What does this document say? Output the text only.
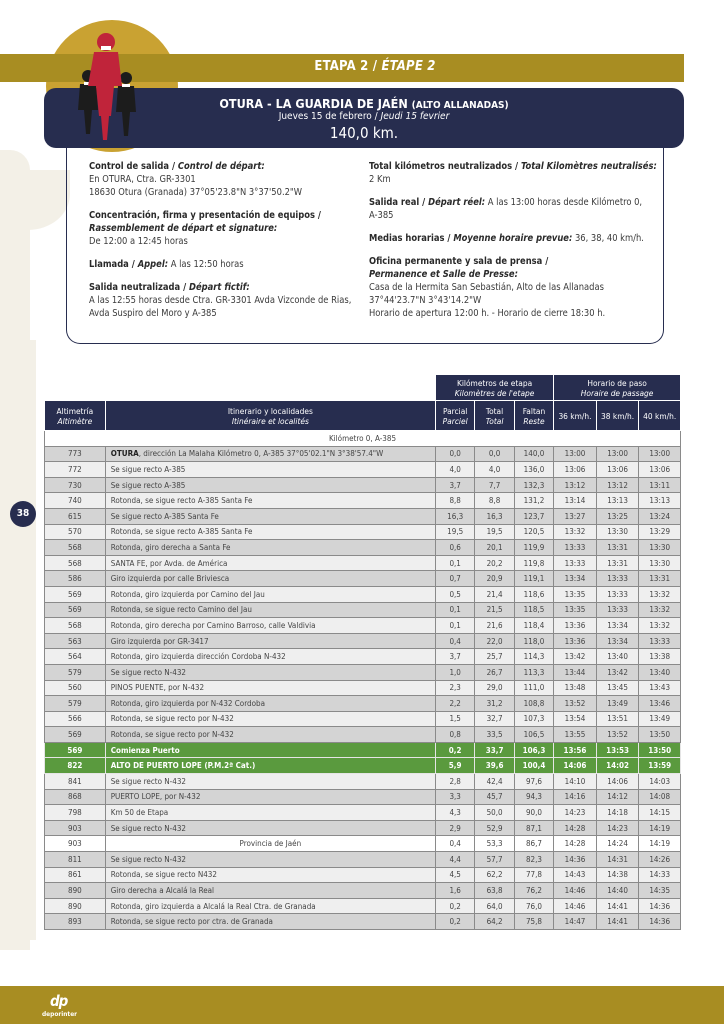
ETAPA 2 / ÉTAPE 2
OTURA - LA GUARDIA DE JAÉN (ALTO ALLANADAS)
Jueves 15 de febrero / Jeudi 15 fevrier
140,0 km.
Control de salida / Control de départ:
En OTURA, Ctra. GR-3301
18630 Otura (Granada) 37°05'23.8"N 3°37'50.2"W
Concentración, firma y presentación de equipos /
Rassemblement de départ et signature:
De 12:00 a 12:45 horas
Llamada / Appel: A las 12:50 horas
Salida neutralizada / Départ fictif:
A las 12:55 horas desde Ctra. GR-3301 Avda Vizconde de Rias,
Avda Suspiro del Moro y A-385
Total kilómetros neutralizados / Total Kilomètres neutralisés:
2 Km
Salida real / Départ réel: A las 13:00 horas desde Kilómetro 0,
A-385
Medias horarias / Moyenne horaire prevue: 36, 38, 40 km/h.
Oficina permanente y sala de prensa /
Permanence et Salle de Presse:
Casa de la Hermita San Sebastián, Alto de las Allanadas
37°44'23.7"N 3°43'14.2"W
Horario de apertura 12:00 h. - Horario de cierre 18:30 h.
		Kilómetros de etapa
Kilomètres de l'etape			Horario de paso
Horaire de passage		
Altimetría
Altimètre	Itinerario y localidades
Itinéraire et localités	Parcial
Parciel	Total
Total	Faltan
Reste	36 km/h.	38 km/h.	40 km/h.
Kilómetro 0, A-385							
773	OTURA, dirección La Malaha Kilómetro 0, A-385 37°05'02.1"N 3°38'57.4"W	0,0	0,0	140,0	13:00	13:00	13:00
772	Se sigue recto A-385	4,0	4,0	136,0	13:06	13:06	13:06
730	Se sigue recto A-385	3,7	7,7	132,3	13:12	13:12	13:11
740	Rotonda, se sigue recto A-385 Santa Fe	8,8	8,8	131,2	13:14	13:13	13:13
615	Se sigue recto A-385 Santa Fe	16,3	16,3	123,7	13:27	13:25	13:24
570	Rotonda, se sigue recto A-385 Santa Fe	19,5	19,5	120,5	13:32	13:30	13:29
568	Rotonda, giro derecha a Santa Fe	0,6	20,1	119,9	13:33	13:31	13:30
568	SANTA FE, por Avda. de América	0,1	20,2	119,8	13:33	13:31	13:30
586	Giro izquierda por calle Briviesca	0,7	20,9	119,1	13:34	13:33	13:31
569	Rotonda, giro izquierda por Camino del Jau	0,5	21,4	118,6	13:35	13:33	13:32
569	Rotonda, se sigue recto Camino del Jau	0,1	21,5	118,5	13:35	13:33	13:32
568	Rotonda, giro derecha por Camino Barroso, calle Valdivia	0,1	21,6	118,4	13:36	13:34	13:32
563	Giro izquierda por GR-3417	0,4	22,0	118,0	13:36	13:34	13:33
564	Rotonda, giro izquierda dirección Cordoba N-432	3,7	25,7	114,3	13:42	13:40	13:38
579	Se sigue recto N-432	1,0	26,7	113,3	13:44	13:42	13:40
560	PINOS PUENTE, por N-432	2,3	29,0	111,0	13:48	13:45	13:43
579	Rotonda, giro izquierda por N-432 Cordoba	2,2	31,2	108,8	13:52	13:49	13:46
566	Rotonda, se sigue recto por N-432	1,5	32,7	107,3	13:54	13:51	13:49
569	Rotonda, se sigue recto por N-432	0,8	33,5	106,5	13:55	13:52	13:50
569	Comienza Puerto	0,2	33,7	106,3	13:56	13:53	13:50
822	ALTO DE PUERTO LOPE (P.M.2ª Cat.)	5,9	39,6	100,4	14:06	14:02	13:59
841	Se sigue recto N-432	2,8	42,4	97,6	14:10	14:06	14:03
868	PUERTO LOPE, por N-432	3,3	45,7	94,3	14:16	14:12	14:08
798	Km 50 de Etapa	4,3	50,0	90,0	14:23	14:18	14:15
903	Se sigue recto N-432	2,9	52,9	87,1	14:28	14:23	14:19
903	Provincia de Jaén	0,4	53,3	86,7	14:28	14:24	14:19
811	Se sigue recto N-432	4,4	57,7	82,3	14:36	14:31	14:26
861	Rotonda, se sigue recto N432	4,5	62,2	77,8	14:43	14:38	14:33
890	Giro derecha a Alcalá la Real	1,6	63,8	76,2	14:46	14:40	14:35
890	Rotonda, giro izquierda a Alcalá la Real Ctra. de Granada	0,2	64,0	76,0	14:46	14:41	14:36
893	Rotonda, se sigue recto por ctra. de Granada	0,2	64,2	75,8	14:47	14:41	14:36
38
dp
deporinter
